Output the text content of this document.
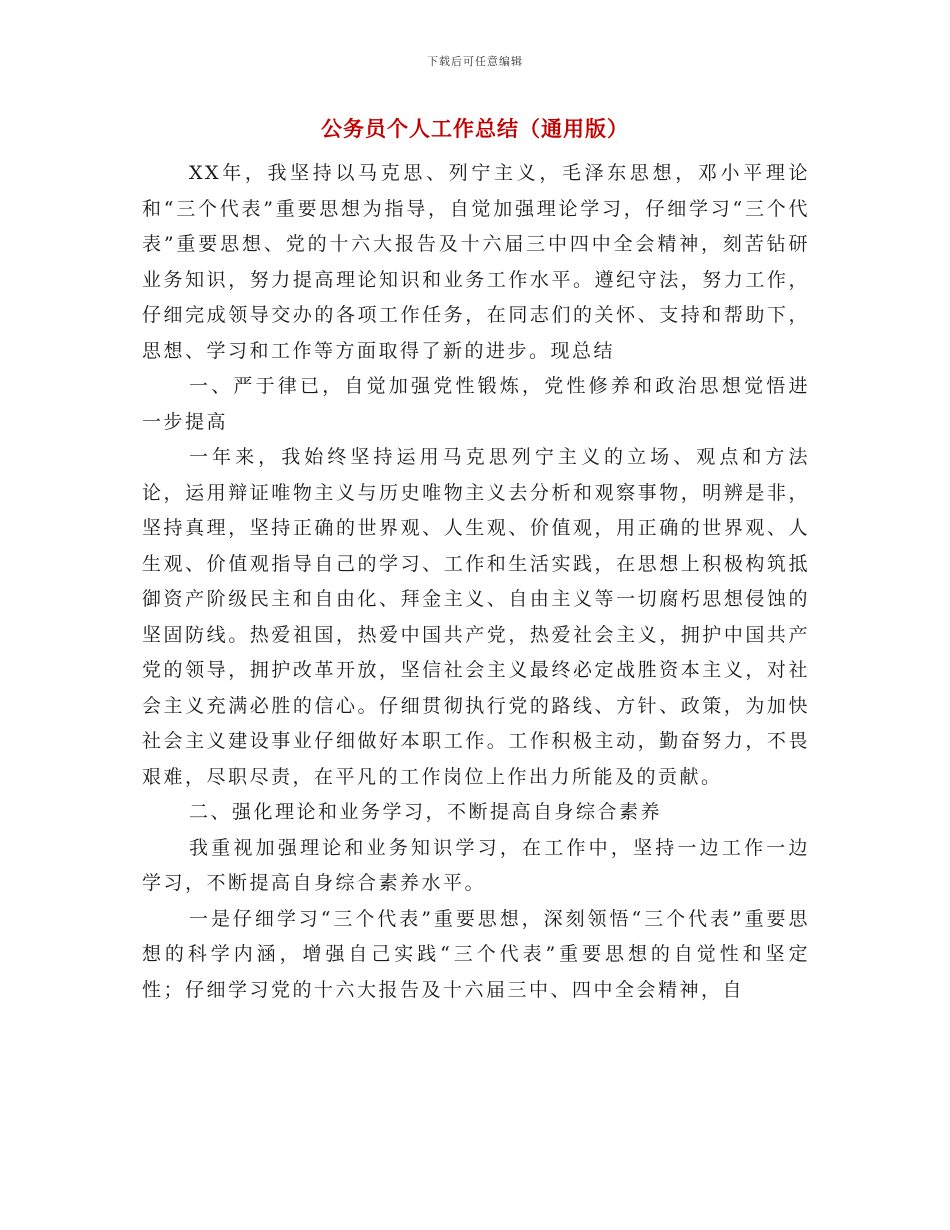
下载后可任意编辑
公务员个人工作总结（通用版）

XX年，我坚持以马克思、列宁主义，毛泽东思想，邓小平理论和“三个代表”重要思想为指导，自觉加强理论学习，仔细学习“三个代表”重要思想、党的十六大报告及十六届三中四中全会精神，刻苦钻研业务知识，努力提高理论知识和业务工作水平。遵纪守法，努力工作，仔细完成领导交办的各项工作任务，在同志们的关怀、支持和帮助下，思想、学习和工作等方面取得了新的进步。现总结

一、严于律已，自觉加强党性锻炼，党性修养和政治思想觉悟进一步提高

一年来，我始终坚持运用马克思列宁主义的立场、观点和方法论，运用辩证唯物主义与历史唯物主义去分析和观察事物，明辨是非，坚持真理，坚持正确的世界观、人生观、价值观，用正确的世界观、人生观、价值观指导自己的学习、工作和生活实践，在思想上积极构筑抵御资产阶级民主和自由化、拜金主义、自由主义等一切腐朽思想侵蚀的坚固防线。热爱祖国，热爱中国共产党，热爱社会主义，拥护中国共产党的领导，拥护改革开放，坚信社会主义最终必定战胜资本主义，对社会主义充满必胜的信心。仔细贯彻执行党的路线、方针、政策，为加快社会主义建设事业仔细做好本职工作。工作积极主动，勤奋努力，不畏艰难，尽职尽责，在平凡的工作岗位上作出力所能及的贡献。

二、强化理论和业务学习，不断提高自身综合素养

我重视加强理论和业务知识学习，在工作中，坚持一边工作一边学习，不断提高自身综合素养水平。

一是仔细学习“三个代表”重要思想，深刻领悟“三个代表”重要思想的科学内涵，增强自己实践“三个代表”重要思想的自觉性和坚定性；仔细学习党的十六大报告及十六届三中、四中全会精神，自
